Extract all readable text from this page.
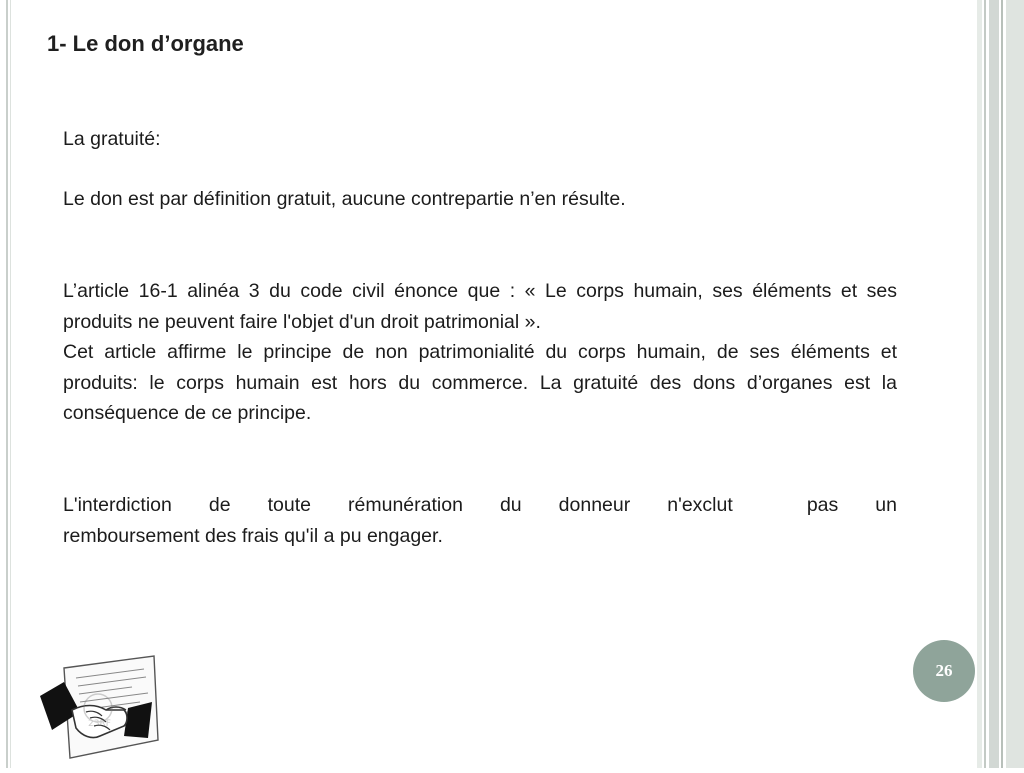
1- Le don d’organe

La gratuité:

Le don est par définition gratuit, aucune contrepartie n’en résulte.

L’article 16-1 alinéa 3 du code civil énonce que : « Le corps humain, ses éléments et ses produits ne peuvent faire l'objet d'un droit patrimonial ».

Cet article affirme le principe de non patrimonialité du corps humain, de ses éléments et produits: le corps humain est hors du commerce. La gratuité des dons d’organes est la conséquence de ce principe.

L'interdiction de toute rémunération du donneur n'exclut  pas un

remboursement des frais qu'il a pu engager.

23RF
26
